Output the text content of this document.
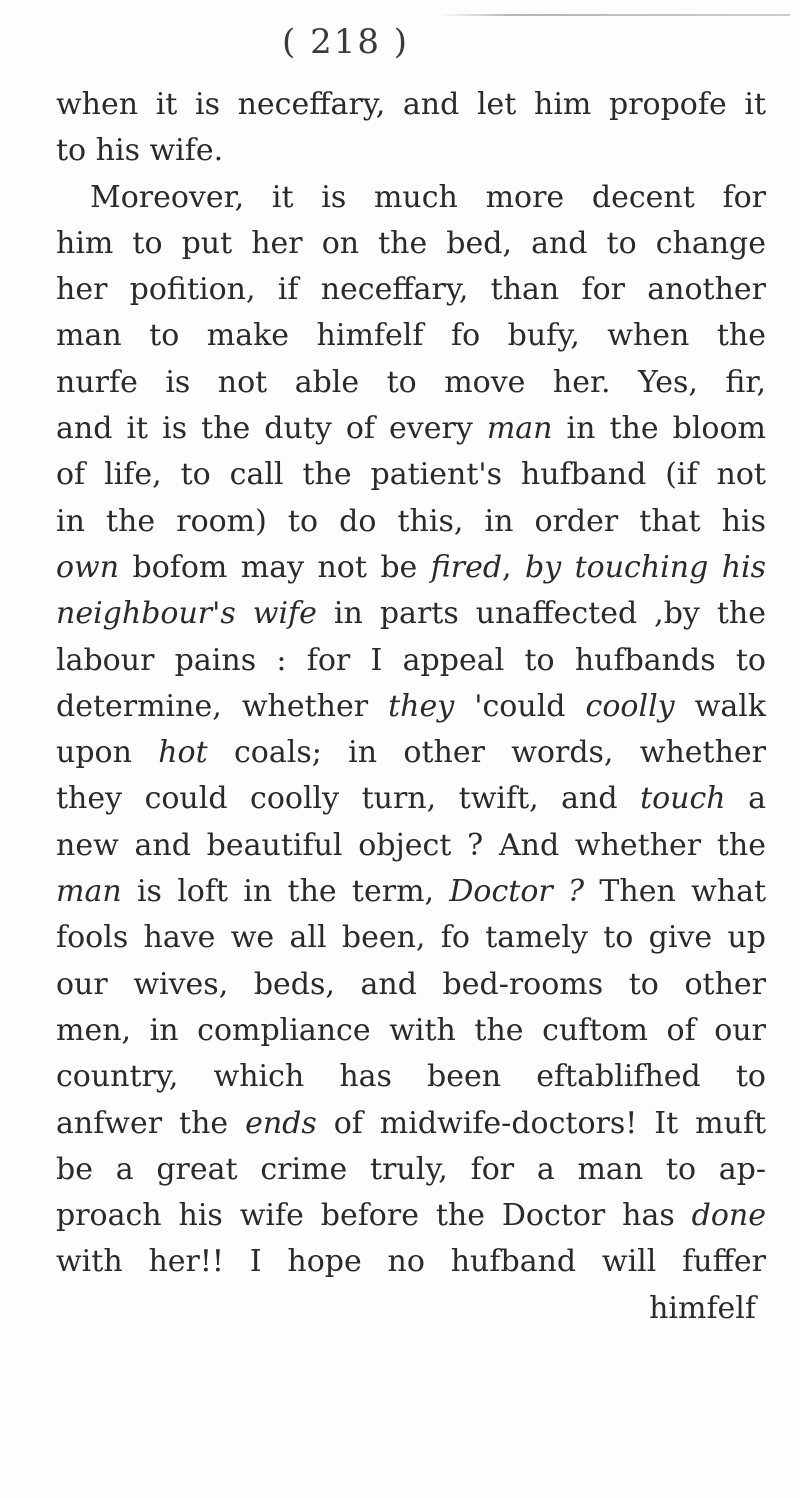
( 218 )
when it is neceffary, and let him propofe it
to his wife.
Moreover, it is much more decent for
him to put her on the bed, and to change
her pofition, if neceffary, than for another
man to make himfelf fo bufy, when the
nurfe is not able to move her. Yes, fir,
and it is the duty of every man in the bloom
of life, to call the patient's hufband (if not
in the room) to do this, in order that his
own bofom may not be fired, by touching his
neighbour's wife in parts unaffected ,by the
labour pains : for I appeal to hufbands to
determine, whether they 'could coolly walk
upon hot coals; in other words, whether
they could coolly turn, twift, and touch a
new and beautiful object ? And whether the
man is loft in the term, Doctor ? Then what
fools have we all been, fo tamely to give up
our wives, beds, and bed-rooms to other
men, in compliance with the cuftom of our
country, which has been eftablifhed to
anfwer the ends of midwife-doctors! It muft
be a great crime truly, for a man to ap-
proach his wife before the Doctor has done
with her!! I hope no hufband will fuffer
himfelf
